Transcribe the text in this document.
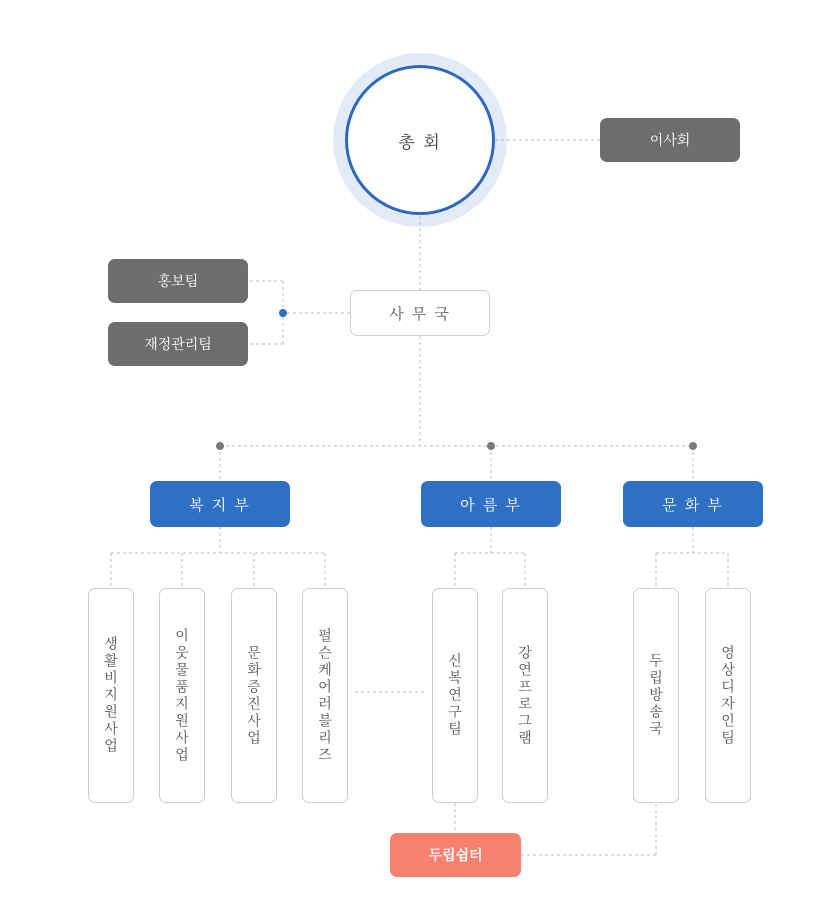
총 회	이사회
사 무 국
홍보팀
재정관리팀
복 지 부	아 름 부	문 화 부
생활비지원사업	이웃물품지원사업	문화증진사업	펄슨케어러블리즈	신복연구팀	강연프로그램	두립방송국	영상디자인팀
두립쉼터
